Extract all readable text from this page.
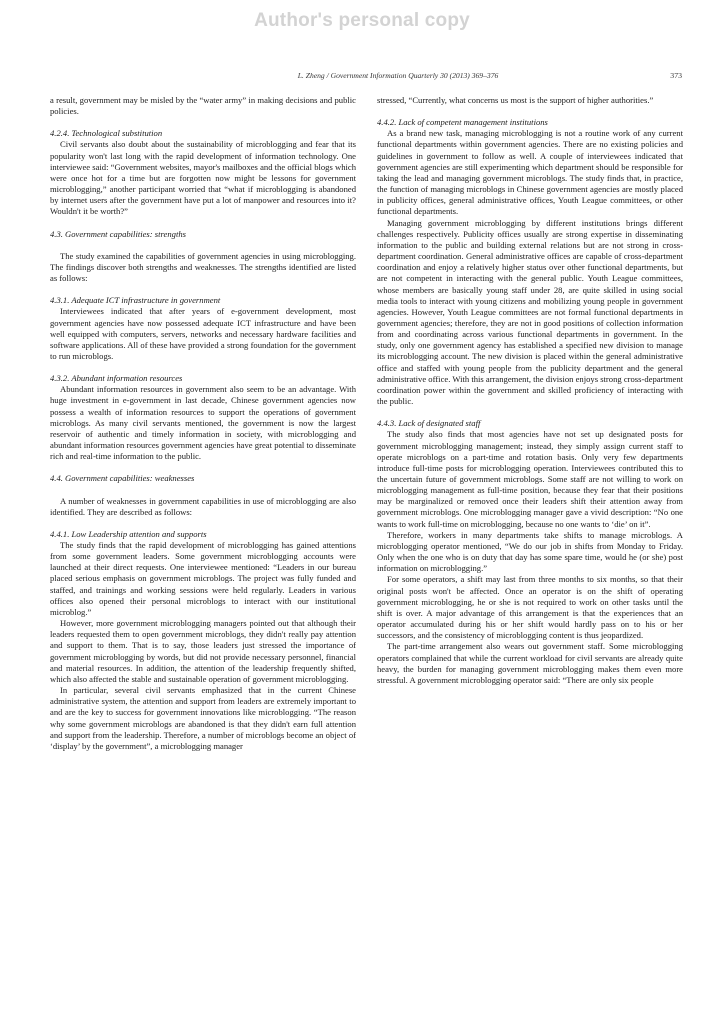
Author's personal copy
L. Zheng / Government Information Quarterly 30 (2013) 369–376	373

a result, government may be misled by the “water army” in making decisions and public policies.

4.2.4. Technological substitution

Civil servants also doubt about the sustainability of microblogging and fear that its popularity won't last long with the rapid development of information technology. One interviewee said: “Government websites, mayor's mailboxes and the official blogs which were once hot for a time but are forgotten now might be lessons for government microblogging,” another participant worried that “what if microblogging is abandoned by internet users after the government have put a lot of manpower and resources into it? Wouldn't it be worth?”

4.3. Government capabilities: strengths

The study examined the capabilities of government agencies in using microblogging. The findings discover both strengths and weaknesses. The strengths identified are listed as follows:

4.3.1. Adequate ICT infrastructure in government

Interviewees indicated that after years of e-government development, most government agencies have now possessed adequate ICT infrastructure and have been well equipped with computers, servers, networks and necessary hardware facilities and software applications. All of these have provided a strong foundation for the government to run microblogs.

4.3.2. Abundant information resources

Abundant information resources in government also seem to be an advantage. With huge investment in e-government in last decade, Chinese government agencies now possess a wealth of information resources to support the operations of government microblogs. As many civil servants mentioned, the government is now the largest reservoir of authentic and timely information in society, with microblogging and abundant information resources government agencies have great potential to disseminate rich and real-time information to the public.

4.4. Government capabilities: weaknesses

A number of weaknesses in government capabilities in use of microblogging are also identified. They are described as follows:

4.4.1. Low Leadership attention and supports

The study finds that the rapid development of microblogging has gained attentions from some government leaders. Some government microblogging accounts were launched at their direct requests. One interviewee mentioned: “Leaders in our bureau placed serious emphasis on government microblogs. The project was fully funded and staffed, and trainings and working sessions were held regularly. Leaders in various offices also opened their personal microblogs to interact with our institutional microblog.”

However, more government microblogging managers pointed out that although their leaders requested them to open government microblogs, they didn't really pay attention and support to them. That is to say, those leaders just stressed the importance of government microblogging by words, but did not provide necessary personnel, financial and material resources. In addition, the attention of the leadership frequently shifted, which also affected the stable and sustainable operation of government microblogging.

In particular, several civil servants emphasized that in the current Chinese administrative system, the attention and support from leaders are extremely important to and are the key to success for government innovations like microblogging. “The reason why some government microblogs are abandoned is that they didn't earn full attention and support from the leadership. Therefore, a number of microblogs become an object of ‘display’ by the government”, a microblogging manager

stressed, “Currently, what concerns us most is the support of higher authorities.”

4.4.2. Lack of competent management institutions

As a brand new task, managing microblogging is not a routine work of any current functional departments within government agencies. There are no existing policies and guidelines in government to follow as well. A couple of interviewees indicated that government agencies are still experimenting which department should be responsible for taking the lead and managing government microblogs. The study finds that, in practice, the function of managing microblogs in Chinese government agencies are mostly placed in publicity offices, general administrative offices, Youth League committees, or other functional departments.

Managing government microblogging by different institutions brings different challenges respectively. Publicity offices usually are strong expertise in disseminating information to the public and building external relations but are not strong in cross-department coordination. General administrative offices are capable of cross-department coordination and enjoy a relatively higher status over other functional departments, but are not competent in interacting with the general public. Youth League committees, whose members are basically young staff under 28, are quite skilled in using social media tools to interact with young citizens and mobilizing young people in government agencies. However, Youth League committees are not formal functional departments in government agencies; therefore, they are not in good positions of collection information from and coordinating across various functional departments in government. In the study, only one government agency has established a specified new division to manage its microblogging account. The new division is placed within the general administrative office and staffed with young people from the publicity department and the general administrative office. With this arrangement, the division enjoys strong cross-department coordination power within the government and skilled proficiency of interacting with the public.

4.4.3. Lack of designated staff

The study also finds that most agencies have not set up designated posts for government microblogging management; instead, they simply assign current staff to operate microblogs on a part-time and rotation basis. Only very few departments introduce full-time posts for microblogging operation. Interviewees contributed this to the uncertain future of government microblogs. Some staff are not willing to work on microblogging management as full-time position, because they fear that their positions may be marginalized or removed once their leaders shift their attention away from government microblogs. One microblogging manager gave a vivid description: “No one wants to work full-time on microblogging, because no one wants to ‘die’ on it”.

Therefore, workers in many departments take shifts to manage microblogs. A microblogging operator mentioned, “We do our job in shifts from Monday to Friday. Only when the one who is on duty that day has some spare time, would he (or she) post information on microblogging.”

For some operators, a shift may last from three months to six months, so that their original posts won't be affected. Once an operator is on the shift of operating government microblogging, he or she is not required to work on other tasks until the shift is over. A major advantage of this arrangement is that the experiences that an operator accumulated during his or her shift would hardly pass on to his or her successors, and the consistency of microblogging content is thus jeopardized.

The part-time arrangement also wears out government staff. Some microblogging operators complained that while the current workload for civil servants are already quite heavy, the burden for managing government microblogging makes them even more stressful. A government microblogging operator said: “There are only six people
